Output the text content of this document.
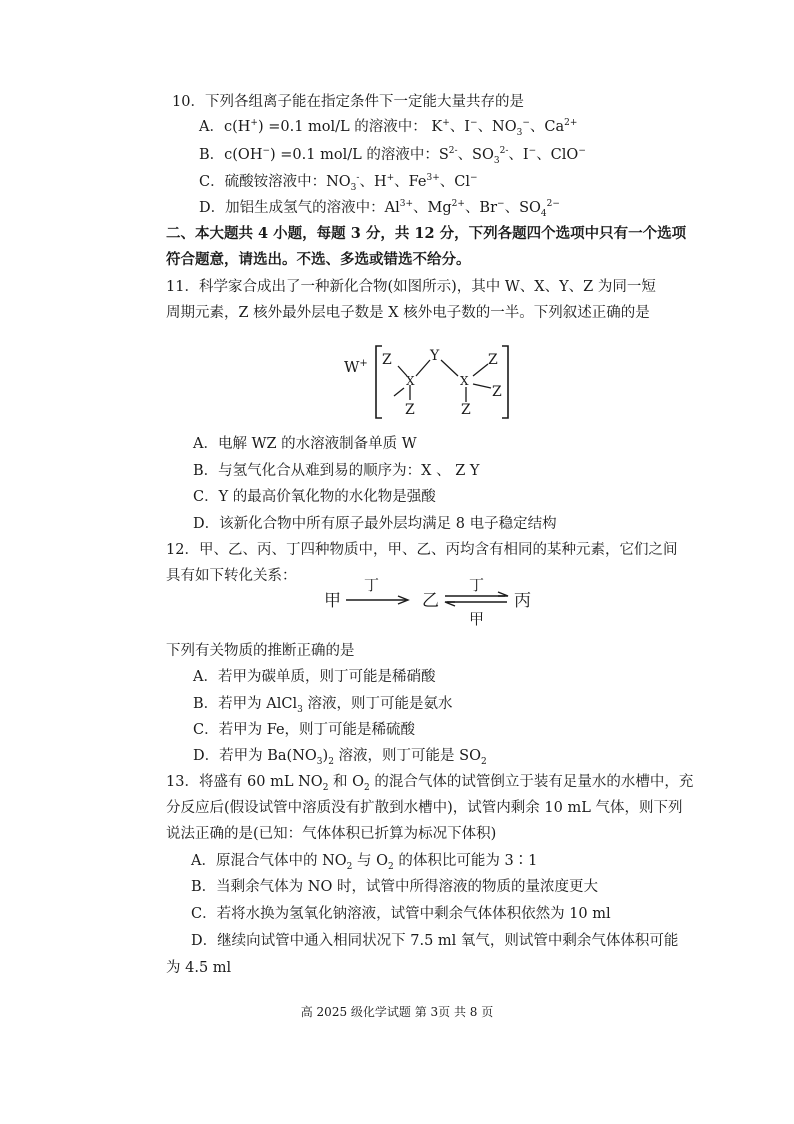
10．下列各组离子能在指定条件下一定能大量共存的是
A．c(H+) =0.1 mol/L 的溶液中： K+、I−、$NO_3^-$、$Ca^{2+}$
B．c(OH−) =0.1 mol/L 的溶液中：$S^{2-}$、$SO_3^{2-}$、I−、ClO−
C．硫酸铵溶液中：$NO_3^-$、H+、$Fe^{3+}$、Cl−
D．加铝生成氢气的溶液中：$Al^{3+}$、$Mg^{2+}$、Br−、$SO_4^{2-}$
二、本大题共 4 小题，每题 3 分，共 12 分，下列各题四个选项中只有一个选项
符合题意，请选出。不选、多选或错选不给分。
11．科学家合成出了一种新化合物(如图所示)，其中 W、X、Y、Z 为同一短
周期元素，Z 核外最外层电子数是 X 核外电子数的一半。下列叙述正确的是
W+ Z
X
Y
X
Z
Z
Z	Z
A．电解 WZ 的水溶液制备单质 W
B．与氢气化合从难到易的顺序为：X 、 Z Y
C．Y 的最高价氧化物的水化物是强酸
D．该新化合物中所有原子最外层均满足 8 电子稳定结构
12．甲、乙、丙、丁四种物质中，甲、乙、丙均含有相同的某种元素，它们之间
具有如下转化关系：
甲
丁
乙
丁
甲
丙
下列有关物质的推断正确的是
A．若甲为碳单质，则丁可能是稀硝酸
B．若甲为 AlCl$_3$ 溶液，则丁可能是氨水
C．若甲为 Fe，则丁可能是稀硫酸
D．若甲为 $Ba(NO_3)_2$ 溶液，则丁可能是 $SO_2$
13．将盛有 60 mL $NO_2$ 和 $O_2$ 的混合气体的试管倒立于装有足量水的水槽中，充
分反应后(假设试管中溶质没有扩散到水槽中)，试管内剩余 10 mL 气体，则下列
说法正确的是(已知：气体体积已折算为标况下体积)
A．原混合气体中的 $NO_2$ 与 $O_2$ 的体积比可能为 3∶1
B．当剩余气体为 NO 时，试管中所得溶液的物质的量浓度更大
C．若将水换为氢氧化钠溶液，试管中剩余气体体积依然为 10 ml
D．继续向试管中通入相同状况下 7.5 ml 氧气，则试管中剩余气体体积可能
为 4.5 ml
高 2025 级化学试题 第 3页 共 8 页
